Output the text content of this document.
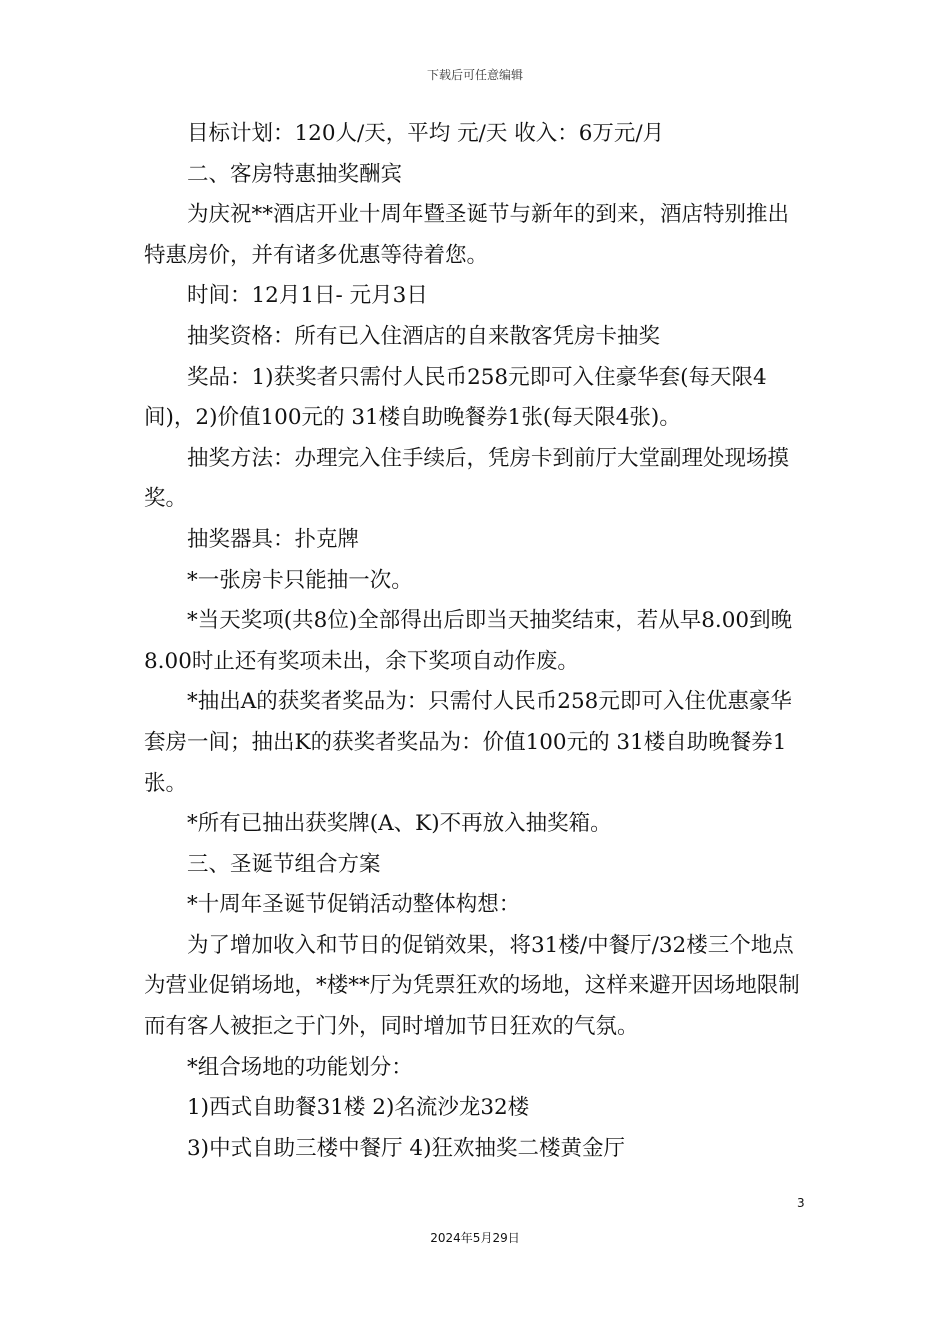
下载后可任意编辑

目标计划：120人/天，平均 元/天 收入：6万元/月

二、客房特惠抽奖酬宾

为庆祝**酒店开业十周年暨圣诞节与新年的到来，酒店特别推出特惠房价，并有诸多优惠等待着您。

时间：12月1日- 元月3日

抽奖资格：所有已入住酒店的自来散客凭房卡抽奖

奖品：1)获奖者只需付人民币258元即可入住豪华套(每天限4间)，2)价值100元的 31楼自助晚餐券1张(每天限4张)。

抽奖方法：办理完入住手续后，凭房卡到前厅大堂副理处现场摸奖。

抽奖器具：扑克牌

*一张房卡只能抽一次。

*当天奖项(共8位)全部得出后即当天抽奖结束，若从早8.00到晚8.00时止还有奖项未出，余下奖项自动作废。

*抽出A的获奖者奖品为：只需付人民币258元即可入住优惠豪华套房一间；抽出K的获奖者奖品为：价值100元的 31楼自助晚餐券1张。

*所有已抽出获奖牌(A、K)不再放入抽奖箱。

三、圣诞节组合方案

*十周年圣诞节促销活动整体构想：

为了增加收入和节日的促销效果，将31楼/中餐厅/32楼三个地点为营业促销场地，*楼**厅为凭票狂欢的场地，这样来避开因场地限制而有客人被拒之于门外，同时增加节日狂欢的气氛。

*组合场地的功能划分：

1)西式自助餐31楼 2)名流沙龙32楼

3)中式自助三楼中餐厅 4)狂欢抽奖二楼黄金厅

3
2024年5月29日
